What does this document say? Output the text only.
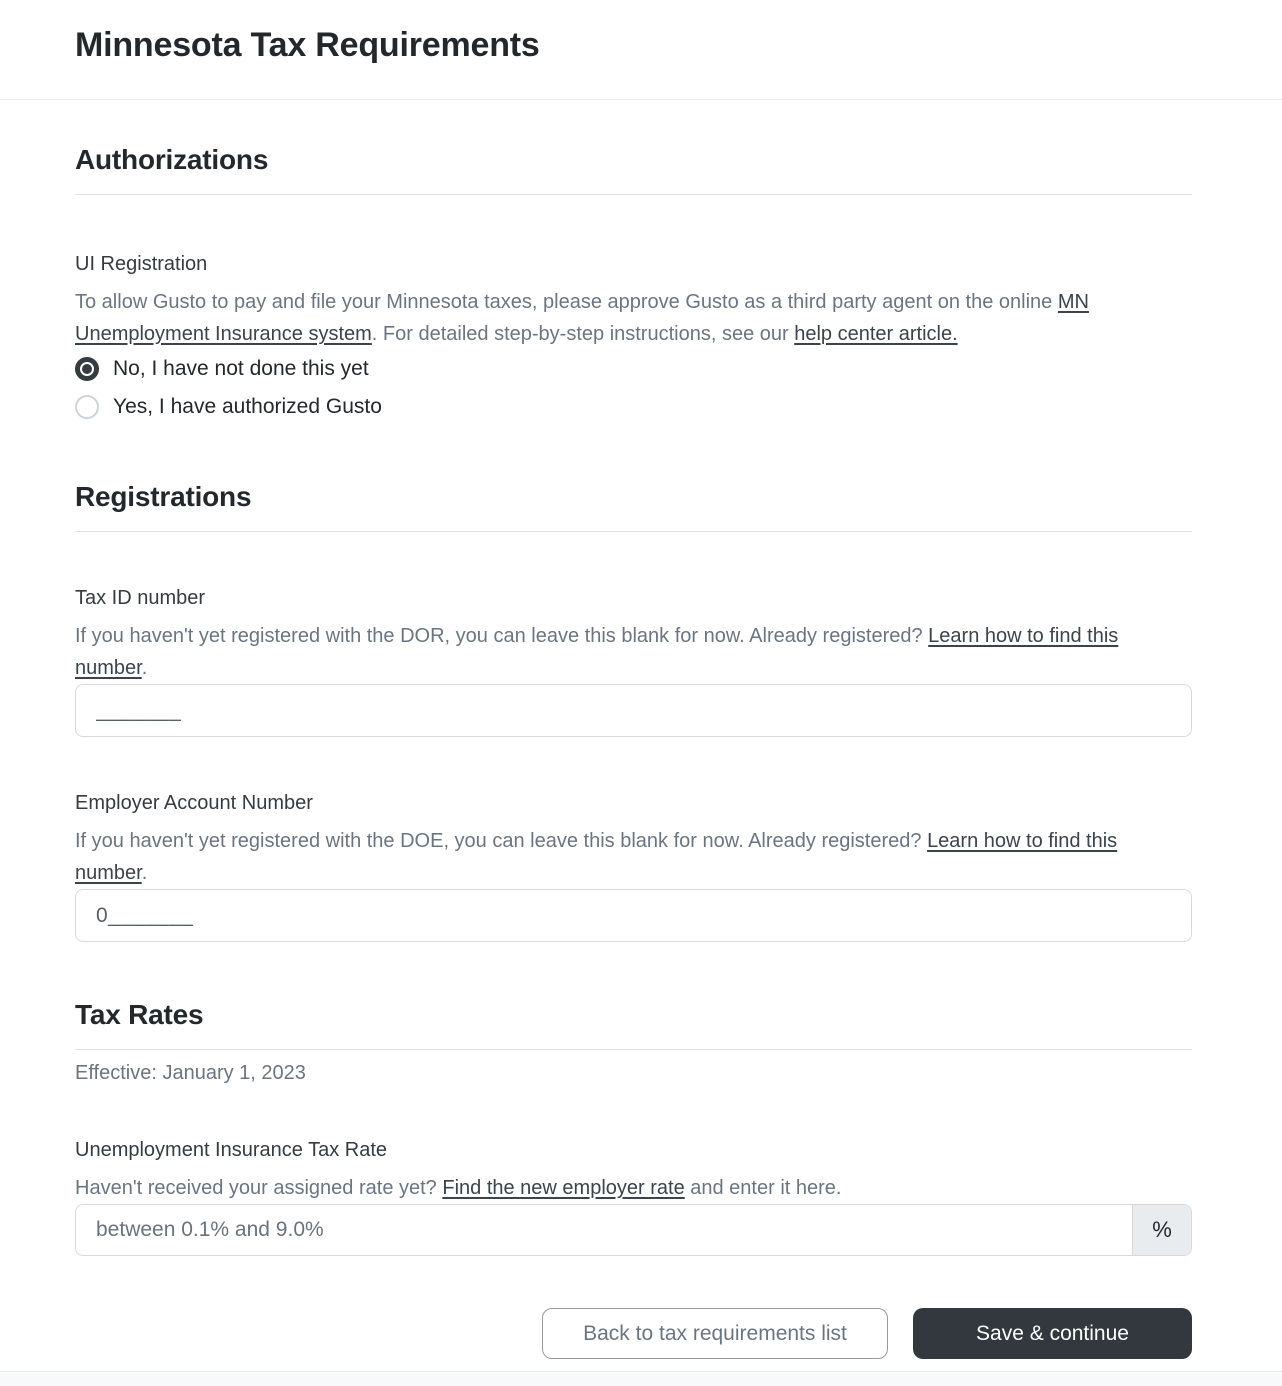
Minnesota Tax Requirements
Authorizations
UI Registration

To allow Gusto to pay and file your Minnesota taxes, please approve Gusto as a third party agent on the online MN Unemployment Insurance system. For detailed step-by-step instructions, see our help center article.

No, I have not done this yet
Yes, I have authorized Gusto
Registrations
Tax ID number

If you haven't yet registered with the DOR, you can leave this blank for now. Already registered? Learn how to find this number.

_______
Employer Account Number

If you haven't yet registered with the DOE, you can leave this blank for now. Already registered? Learn how to find this number.

0_______
Tax Rates

Effective: January 1, 2023

Unemployment Insurance Tax Rate

Haven't received your assigned rate yet? Find the new employer rate and enter it here.

between 0.1% and 9.0%
%
Back to tax requirements list	Save & continue
